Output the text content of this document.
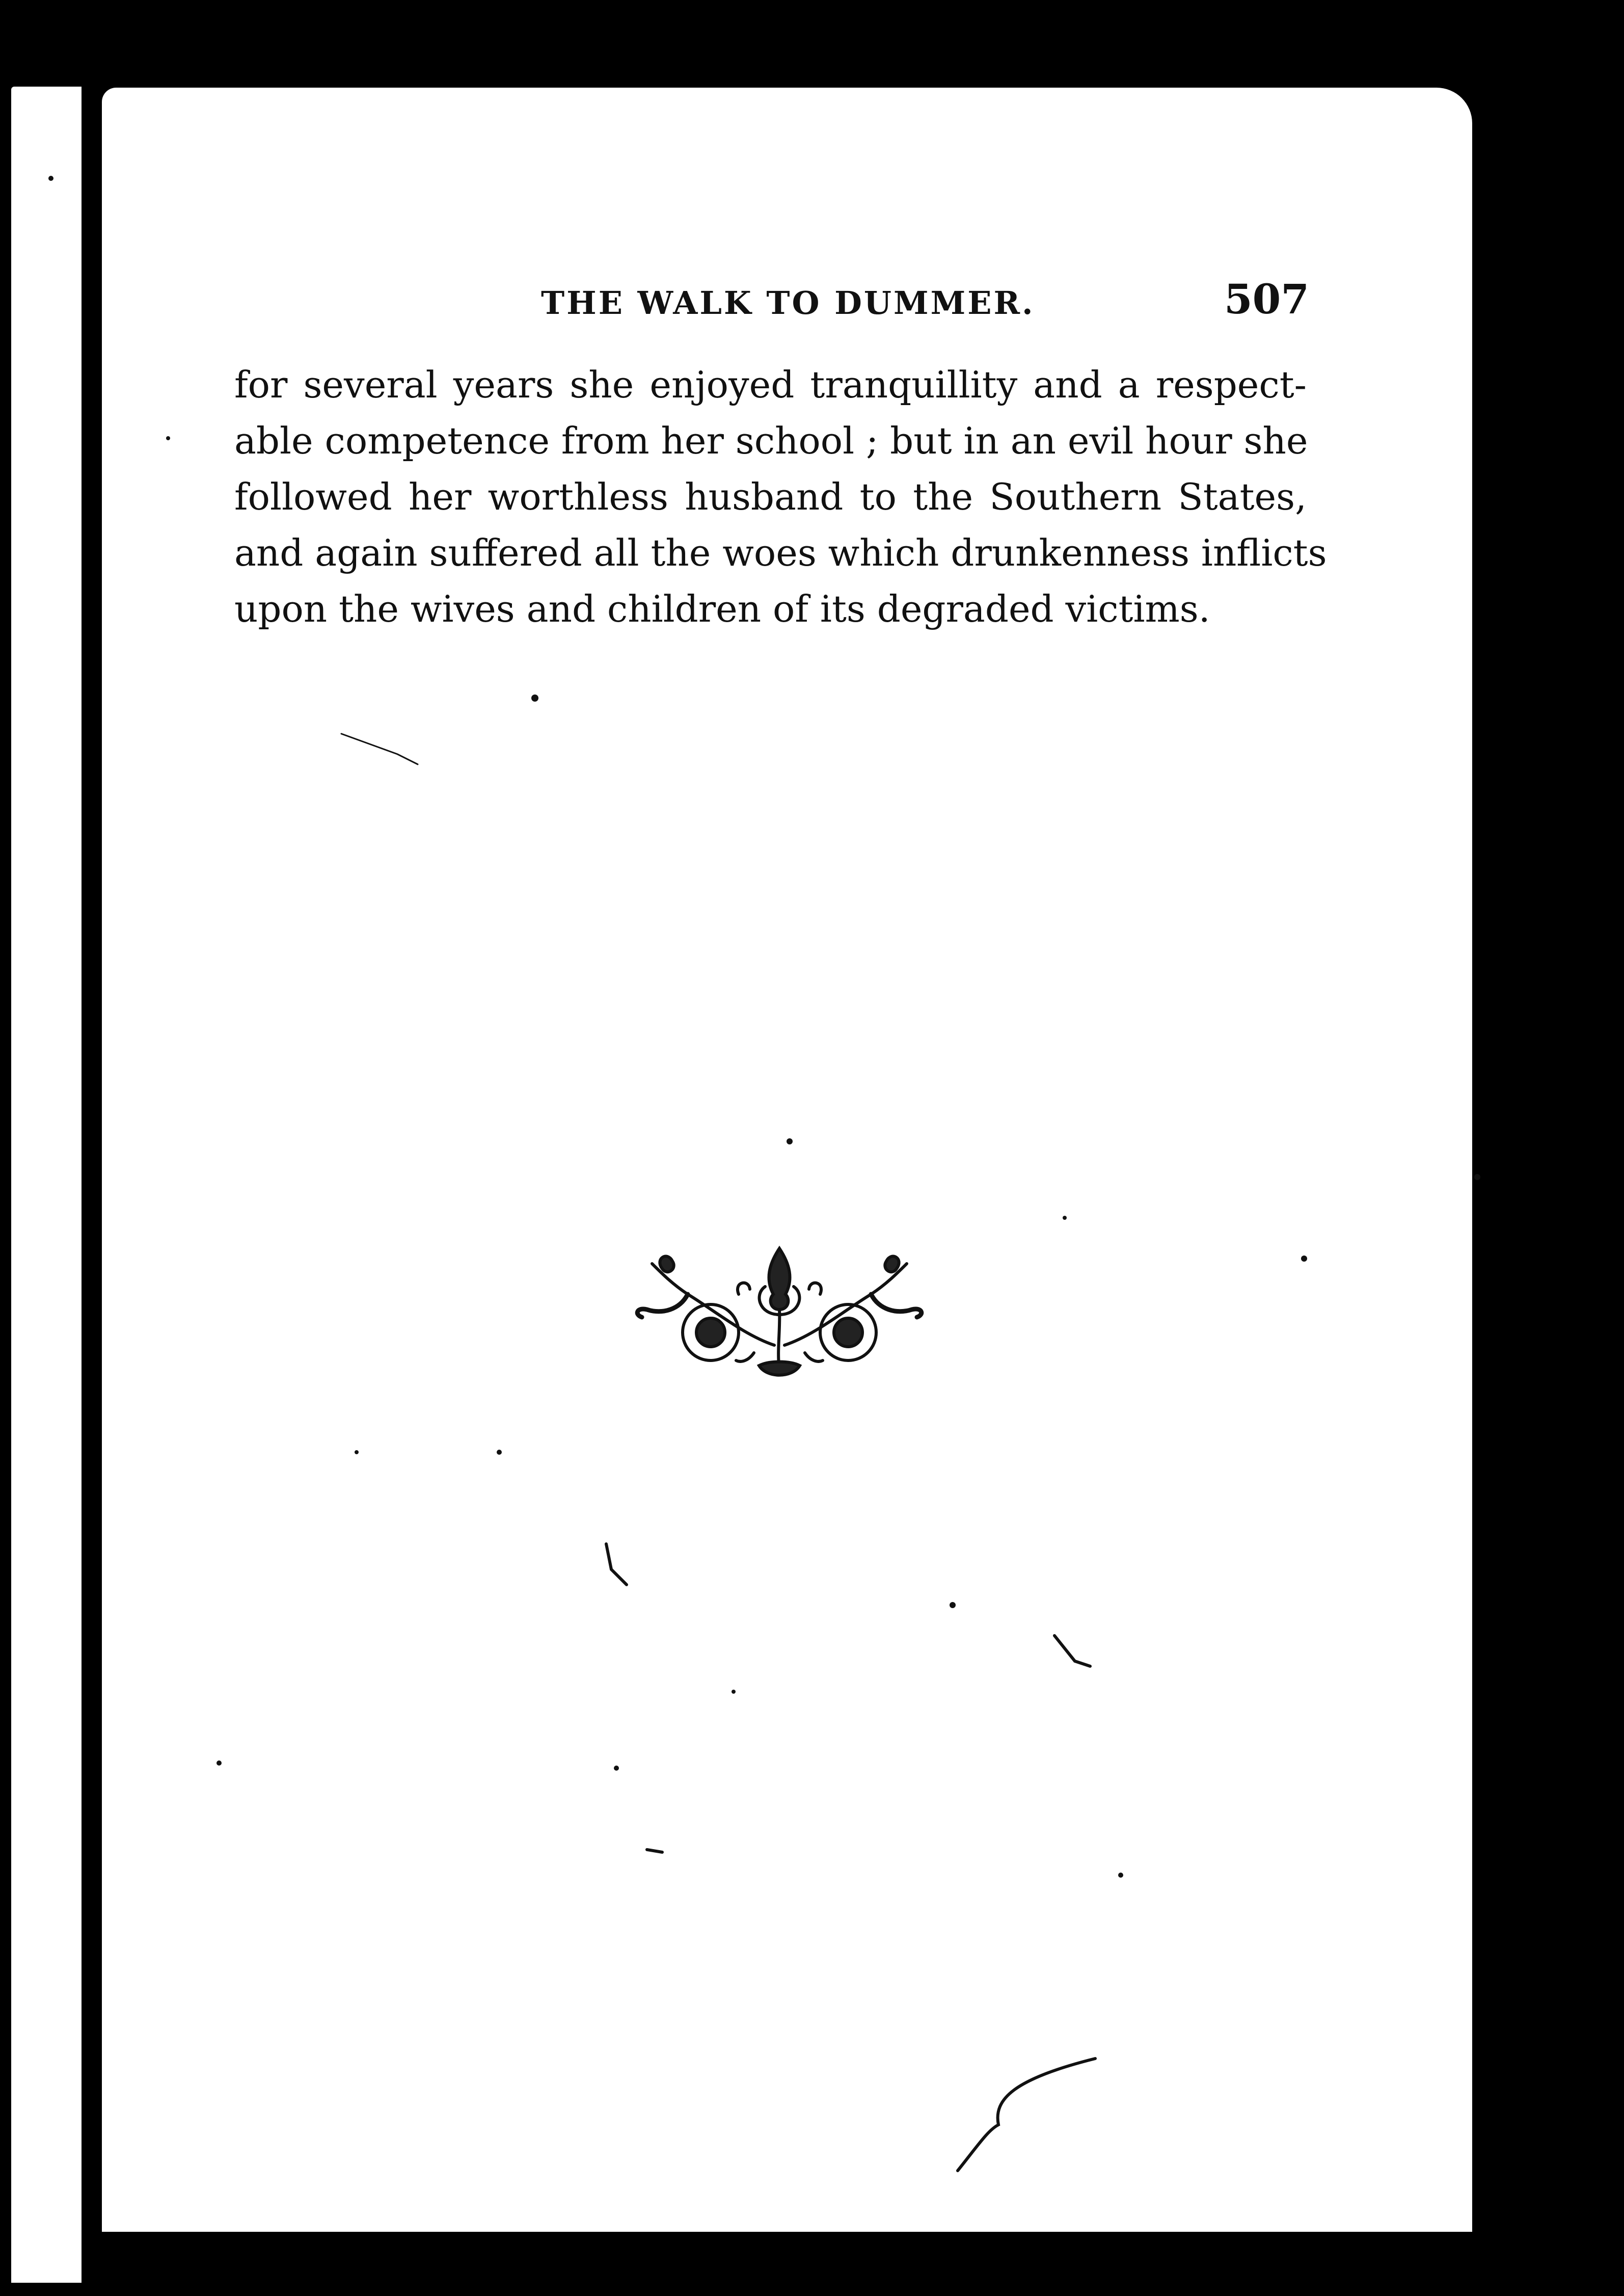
THE WALK TO DUMMER.	507
for several years she enjoyed tranquillity and a respect-
able competence from her school ; but in an evil hour she
followed her worthless husband to the Southern States,
and again suffered all the woes which drunkenness inflicts
upon the wives and children of its degraded victims.
